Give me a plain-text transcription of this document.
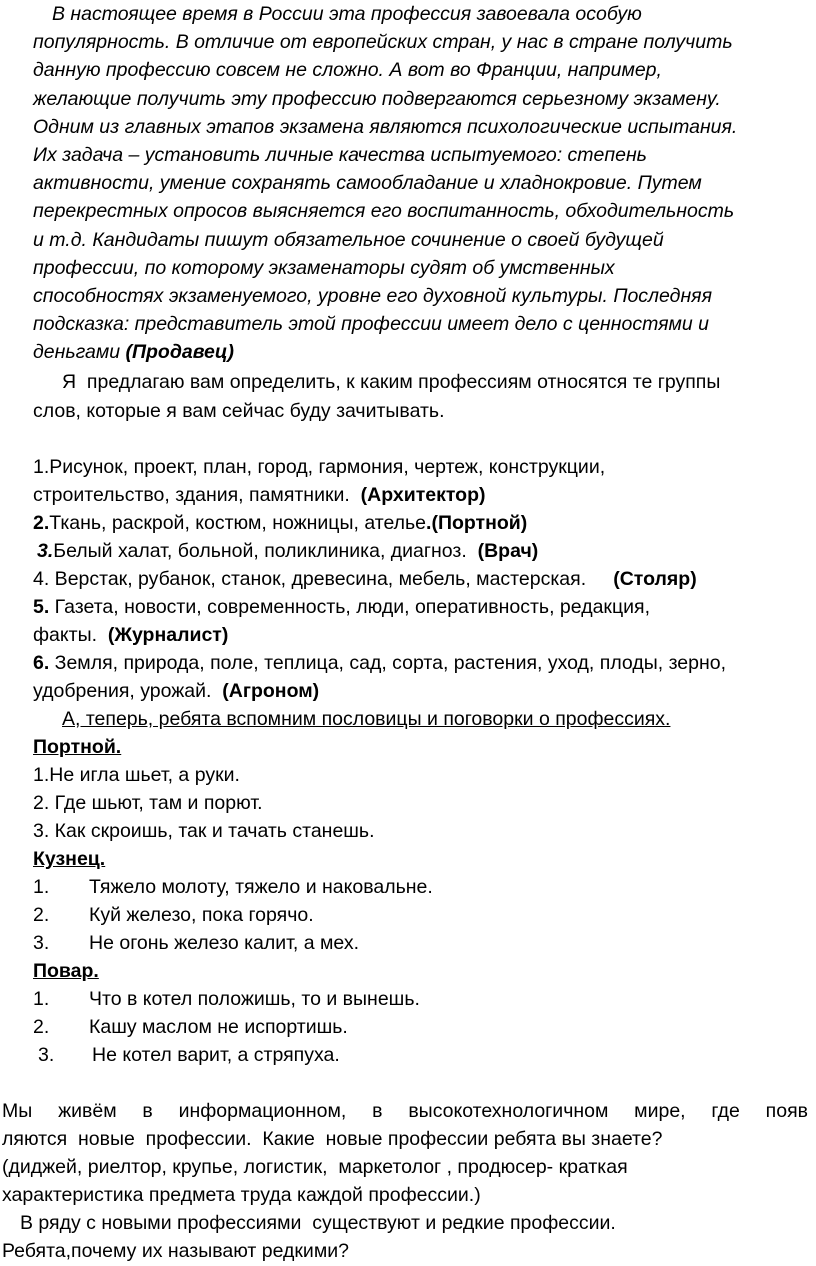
В настоящее время в России эта профессия завоевала особую
популярность. В отличие от европейских стран, у нас в стране получить
данную профессию совсем не сложно. А вот во Франции, например,
желающие получить эту профессию подвергаются серьезному экзамену.
Одним из главных этапов экзамена являются психологические испытания.
Их задача – установить личные качества испытуемого: степень
активности, умение сохранять самообладание и хладнокровие. Путем
перекрестных опросов выясняется его воспитанность, обходительность
и т.д. Кандидаты пишут обязательное сочинение о своей будущей
профессии, по которому экзаменаторы судят об умственных
способностях экзаменуемого, уровне его духовной культуры. Последняя
подсказка: представитель этой профессии имеет дело с ценностями и
деньгами (Продавец)
Я  предлагаю вам определить, к каким профессиям относятся те группы
слов, которые я вам сейчас буду зачитывать.
1.Рисунок, проект, план, город, гармония, чертеж, конструкции,
строительство, здания, памятники.  (Архитектор)
2.Ткань, раскрой, костюм, ножницы, ателье.(Портной)
3.Белый халат, больной, поликлиника, диагноз.  (Врач)
4. Верстак, рубанок, станок, древесина, мебель, мастерская.     (Столяр)
5. Газета, новости, современность, люди, оперативность, редакция,
факты.  (Журналист)
6. Земля, природа, поле, теплица, сад, сорта, растения, уход, плоды, зерно,
удобрения, урожай.  (Агроном)
А, теперь, ребята вспомним пословицы и поговорки о профессиях.
Портной.
1.Не игла шьет, а руки.
2. Где шьют, там и порют.
3. Как скроишь, так и тачать станешь.
Кузнец.
1. Тяжело молоту, тяжело и наковальне.
2. Куй железо, пока горячо.
3. Не огонь железо калит, а мех.
Повар.
1. Что в котел положишь, то и вынешь.
2. Кашу маслом не испортишь.
3. Не котел варит, а стряпуха.
Мы  живём  в  информационном,  в  высокотехнологичном  мире,  где  появ
ляются  новые  профессии.  Какие  новые профессии ребята вы знаете?
(диджей, риелтор, крупье, логистик,  маркетолог , продюсер- краткая
характеристика предмета труда каждой профессии.)
В ряду с новыми профессиями  существуют и редкие профессии.
Ребята,почему их называют редкими?
